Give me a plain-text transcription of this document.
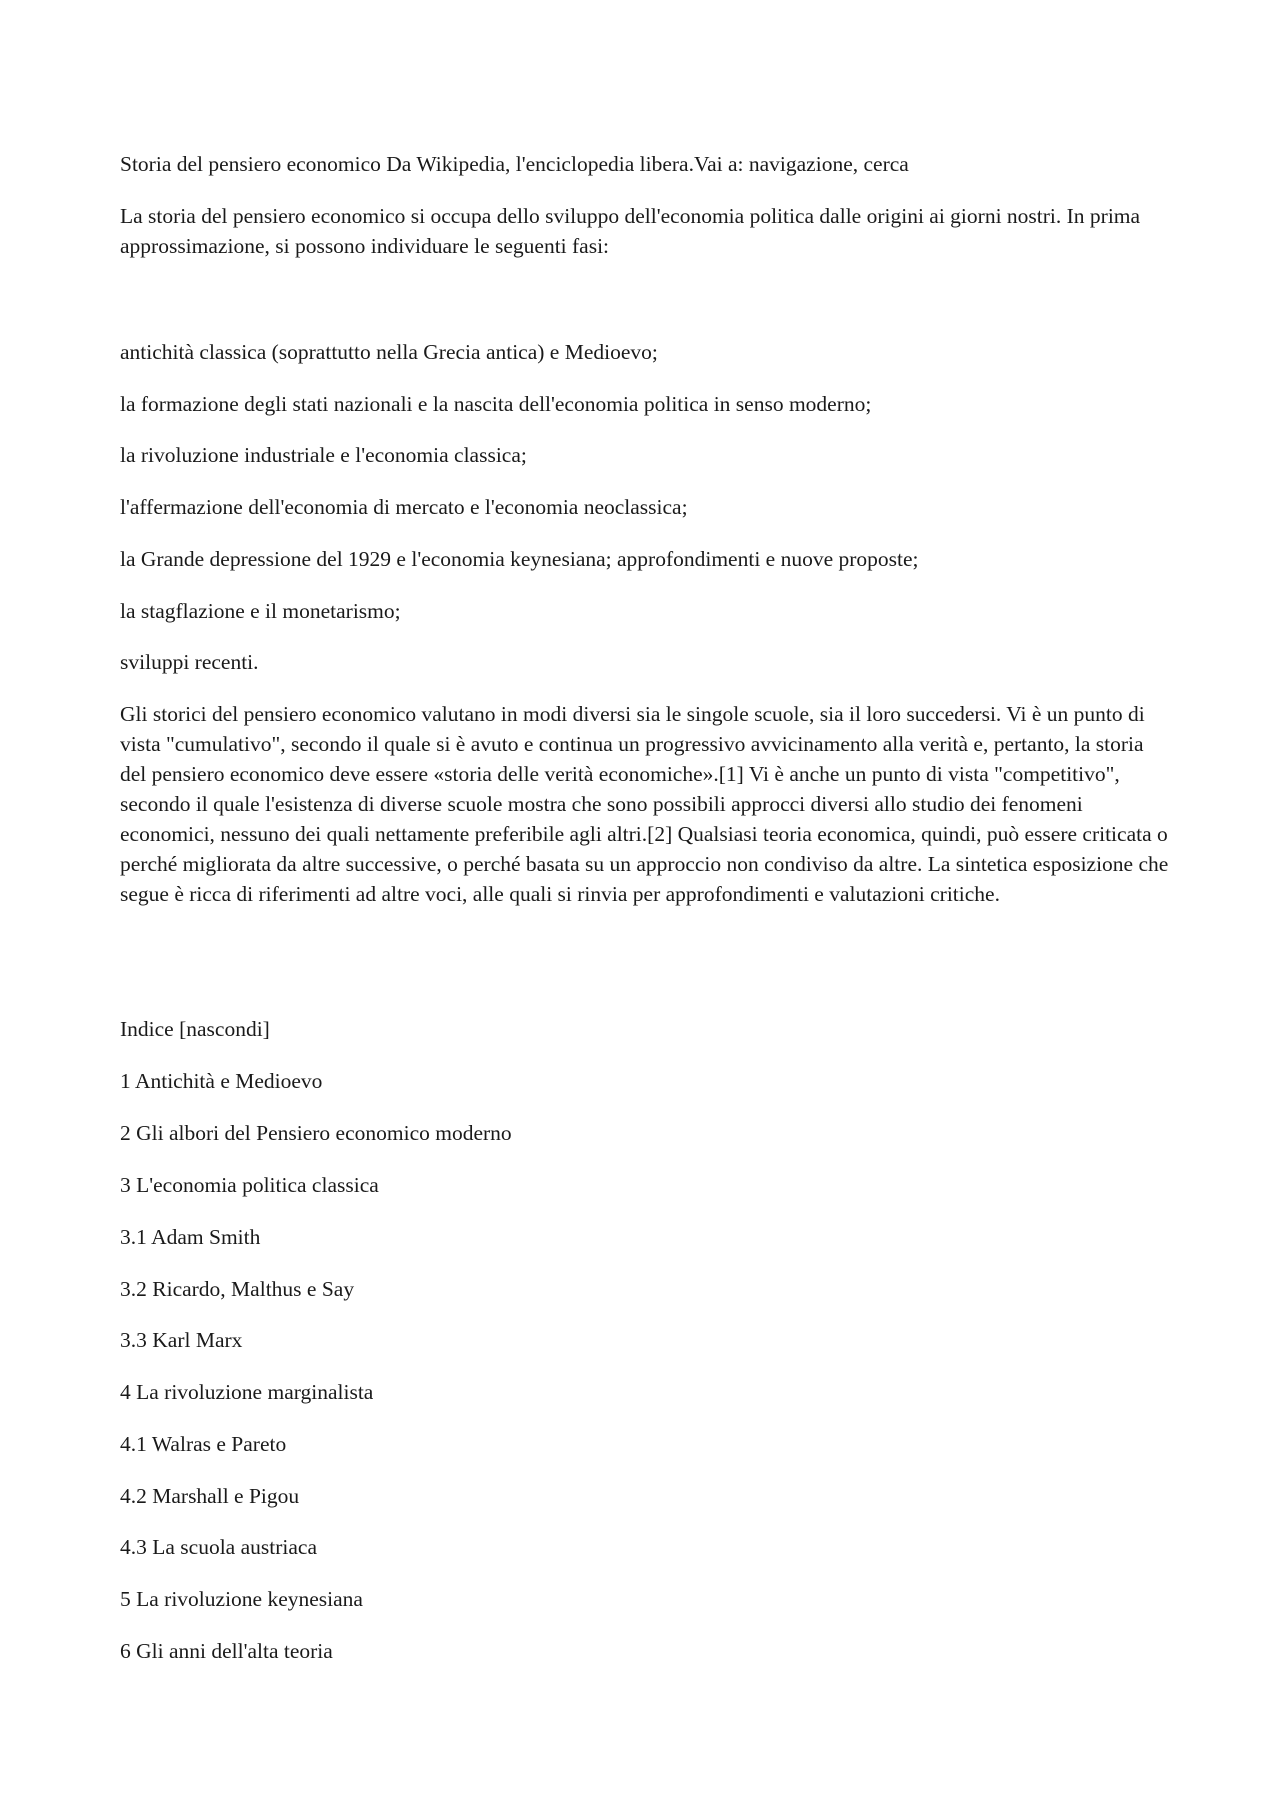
Storia del pensiero economico Da Wikipedia, l'enciclopedia libera.Vai a: navigazione, cerca

La storia del pensiero economico si occupa dello sviluppo dell'economia politica dalle origini ai giorni nostri. In prima approssimazione, si possono individuare le seguenti fasi:

antichità classica (soprattutto nella Grecia antica) e Medioevo;

la formazione degli stati nazionali e la nascita dell'economia politica in senso moderno;

la rivoluzione industriale e l'economia classica;

l'affermazione dell'economia di mercato e l'economia neoclassica;

la Grande depressione del 1929 e l'economia keynesiana; approfondimenti e nuove proposte;

la stagflazione e il monetarismo;

sviluppi recenti.

Gli storici del pensiero economico valutano in modi diversi sia le singole scuole, sia il loro succedersi. Vi è un punto di vista "cumulativo", secondo il quale si è avuto e continua un progressivo avvicinamento alla verità e, pertanto, la storia del pensiero economico deve essere «storia delle verità economiche».[1] Vi è anche un punto di vista "competitivo", secondo il quale l'esistenza di diverse scuole mostra che sono possibili approcci diversi allo studio dei fenomeni economici, nessuno dei quali nettamente preferibile agli altri.[2] Qualsiasi teoria economica, quindi, può essere criticata o perché migliorata da altre successive, o perché basata su un approccio non condiviso da altre. La sintetica esposizione che segue è ricca di riferimenti ad altre voci, alle quali si rinvia per approfondimenti e valutazioni critiche.

Indice [nascondi]

1 Antichità e Medioevo

2 Gli albori del Pensiero economico moderno

3 L'economia politica classica

3.1 Adam Smith

3.2 Ricardo, Malthus e Say

3.3 Karl Marx

4 La rivoluzione marginalista

4.1 Walras e Pareto

4.2 Marshall e Pigou

4.3 La scuola austriaca

5 La rivoluzione keynesiana

6 Gli anni dell'alta teoria
